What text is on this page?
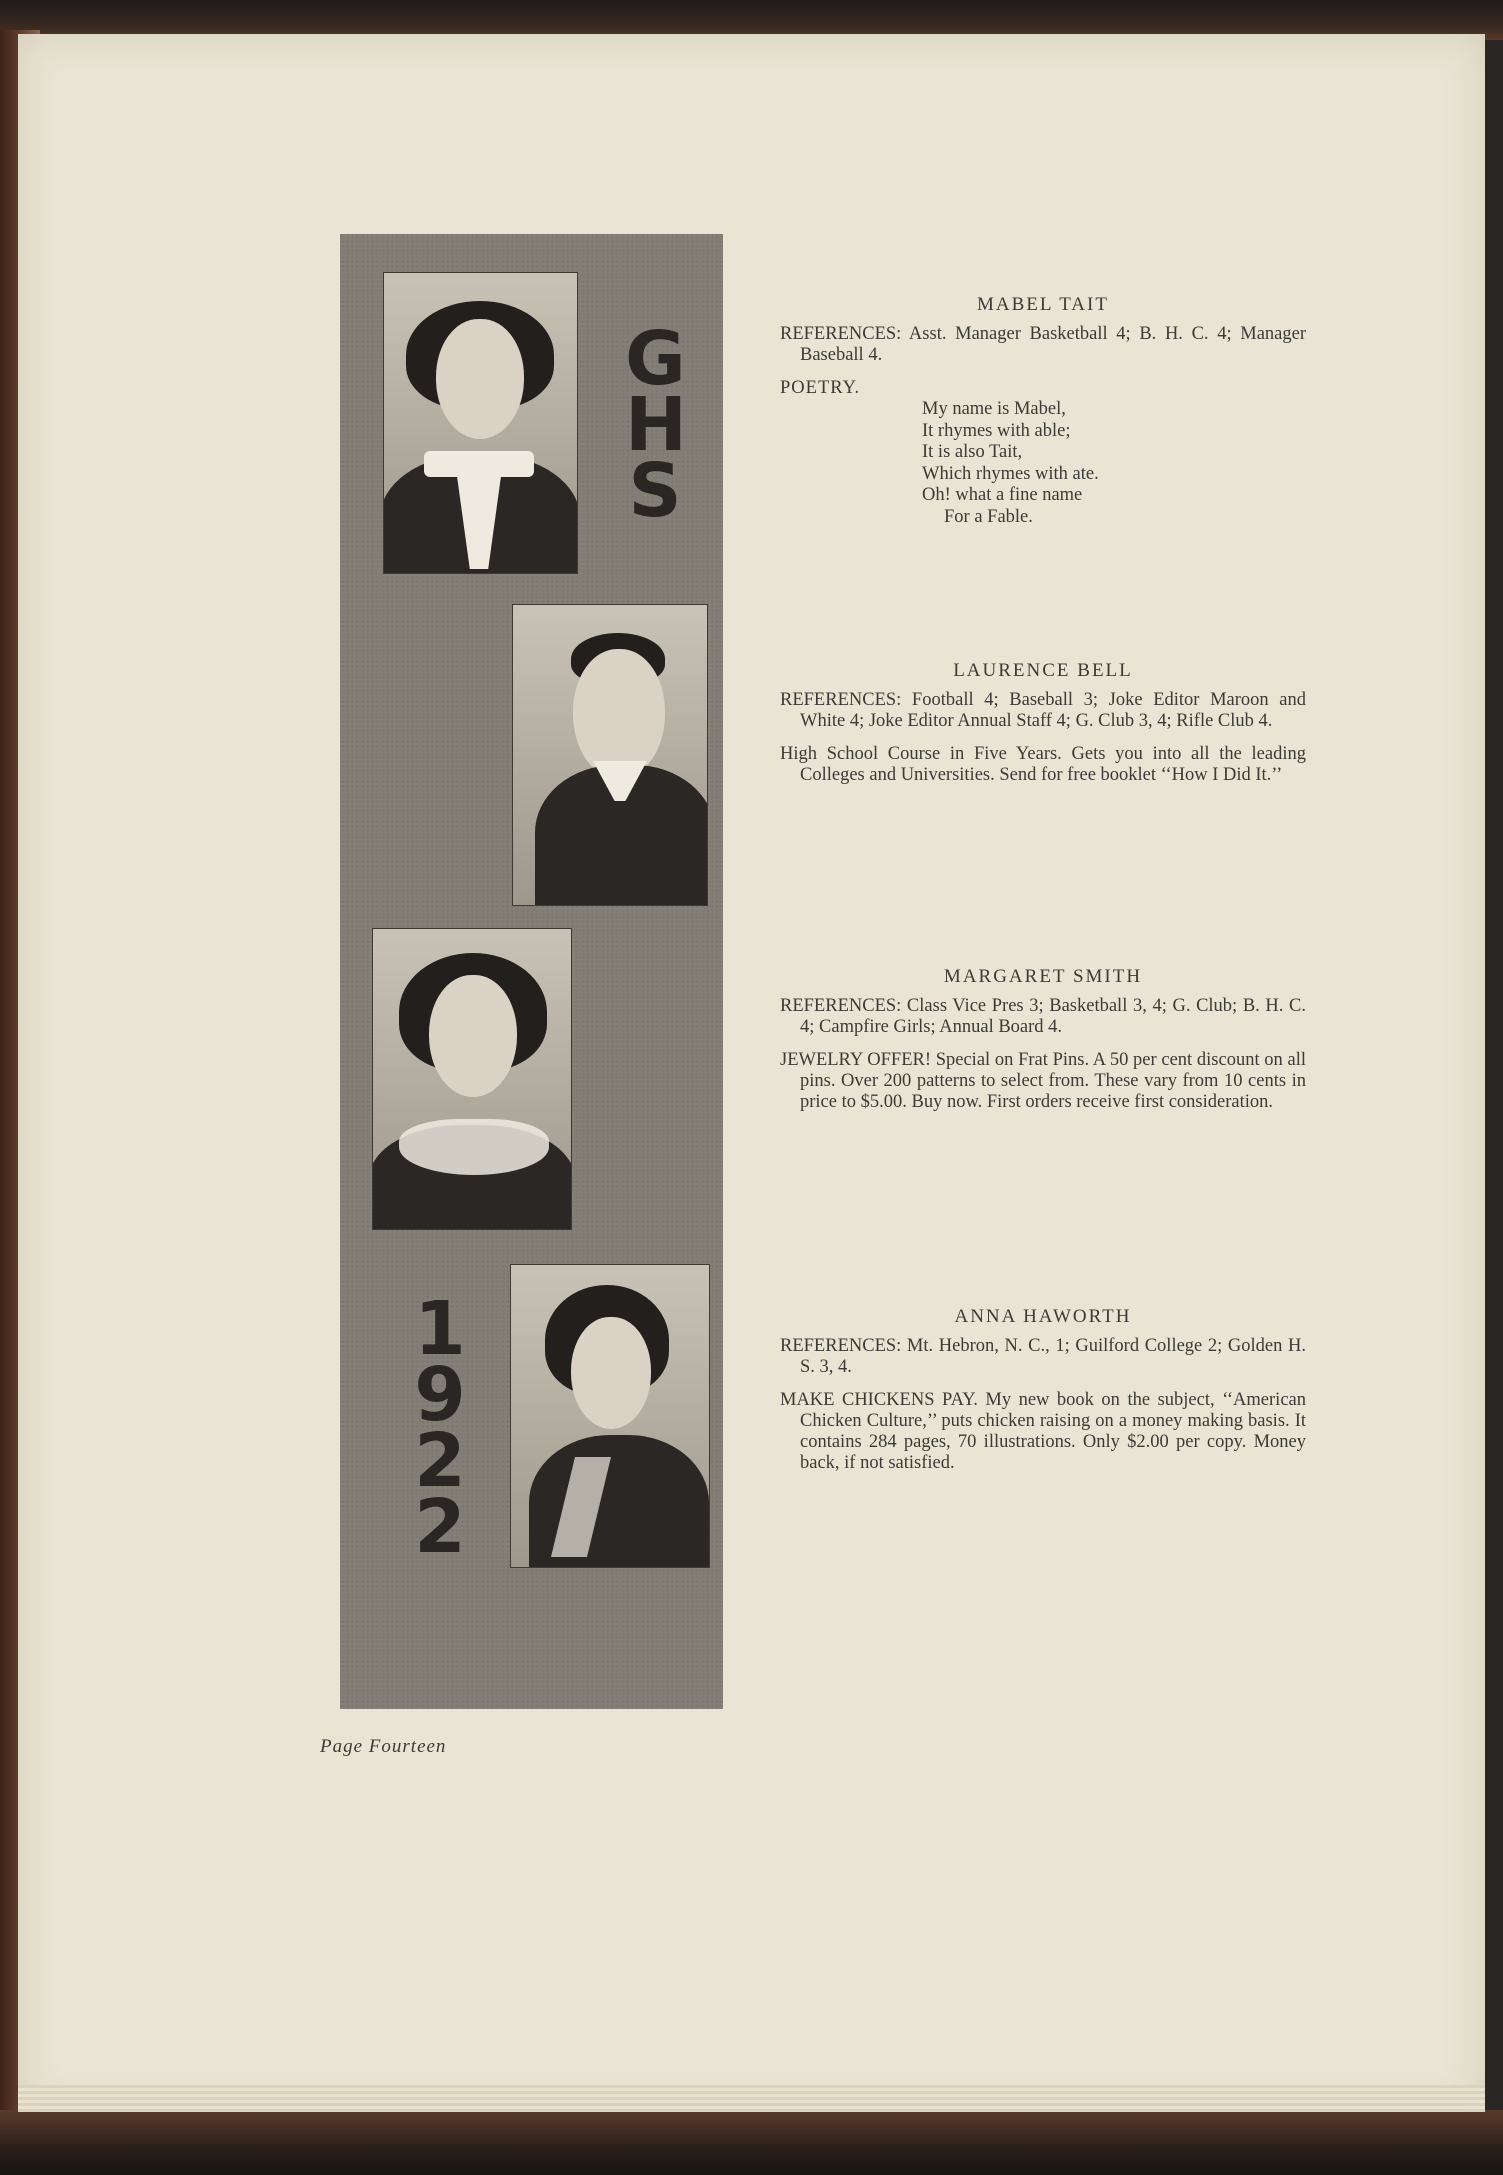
G
H
S
1
9
2
2
MABEL TAIT

REFERENCES: Asst. Manager Basketball 4; B. H. C. 4; Manager Baseball 4.

POETRY.
My name is Mabel,
It rhymes with able;
It is also Tait,
Which rhymes with ate.
Oh! what a fine name
For a Fable.
LAURENCE BELL

REFERENCES: Football 4; Baseball 3; Joke Editor Maroon and White 4; Joke Editor Annual Staff 4; G. Club 3, 4; Rifle Club 4.

High School Course in Five Years. Gets you into all the leading Colleges and Universities. Send for free booklet ‘‘How I Did It.’’

MARGARET SMITH

REFERENCES: Class Vice Pres 3; Basketball 3, 4; G. Club; B. H. C. 4; Campfire Girls; Annual Board 4.

JEWELRY OFFER! Special on Frat Pins. A 50 per cent discount on all pins. Over 200 patterns to select from. These vary from 10 cents in price to $5.00. Buy now. First orders receive first consideration.

ANNA HAWORTH

REFERENCES: Mt. Hebron, N. C., 1; Guilford College 2; Golden H. S. 3, 4.

MAKE CHICKENS PAY. My new book on the subject, ‘‘American Chicken Culture,’’ puts chicken raising on a money making basis. It contains 284 pages, 70 illustrations. Only $2.00 per copy. Money back, if not satisfied.

Page Fourteen
